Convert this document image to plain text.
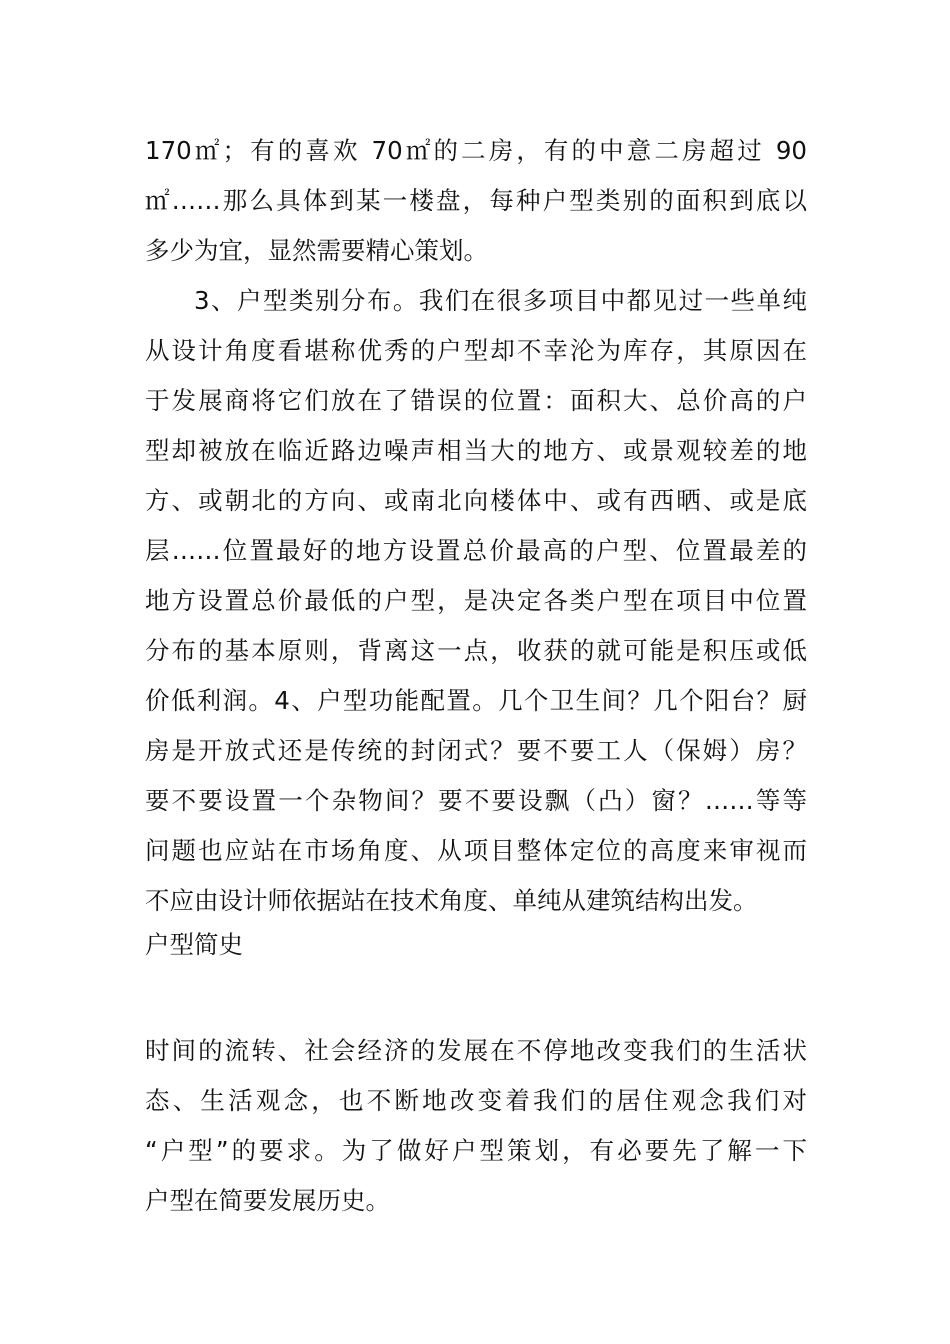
170㎡；有的喜欢 70㎡的二房，有的中意二房超过 90
㎡……那么具体到某一楼盘，每种户型类别的面积到底以
多少为宜，显然需要精心策划。
3、户型类别分布。我们在很多项目中都见过一些单纯
从设计角度看堪称优秀的户型却不幸沦为库存，其原因在
于发展商将它们放在了错误的位置：面积大、总价高的户
型却被放在临近路边噪声相当大的地方、或景观较差的地
方、或朝北的方向、或南北向楼体中、或有西晒、或是底
层……位置最好的地方设置总价最高的户型、位置最差的
地方设置总价最低的户型，是决定各类户型在项目中位置
分布的基本原则，背离这一点，收获的就可能是积压或低
价低利润。4、户型功能配置。几个卫生间？几个阳台？厨
房是开放式还是传统的封闭式？要不要工人（保姆）房？
要不要设置一个杂物间？要不要设飘（凸）窗？……等等
问题也应站在市场角度、从项目整体定位的高度来审视而
不应由设计师依据站在技术角度、单纯从建筑结构出发。
户型简史
时间的流转、社会经济的发展在不停地改变我们的生活状
态、生活观念，也不断地改变着我们的居住观念我们对
“户型”的要求。为了做好户型策划，有必要先了解一下
户型在简要发展历史。
